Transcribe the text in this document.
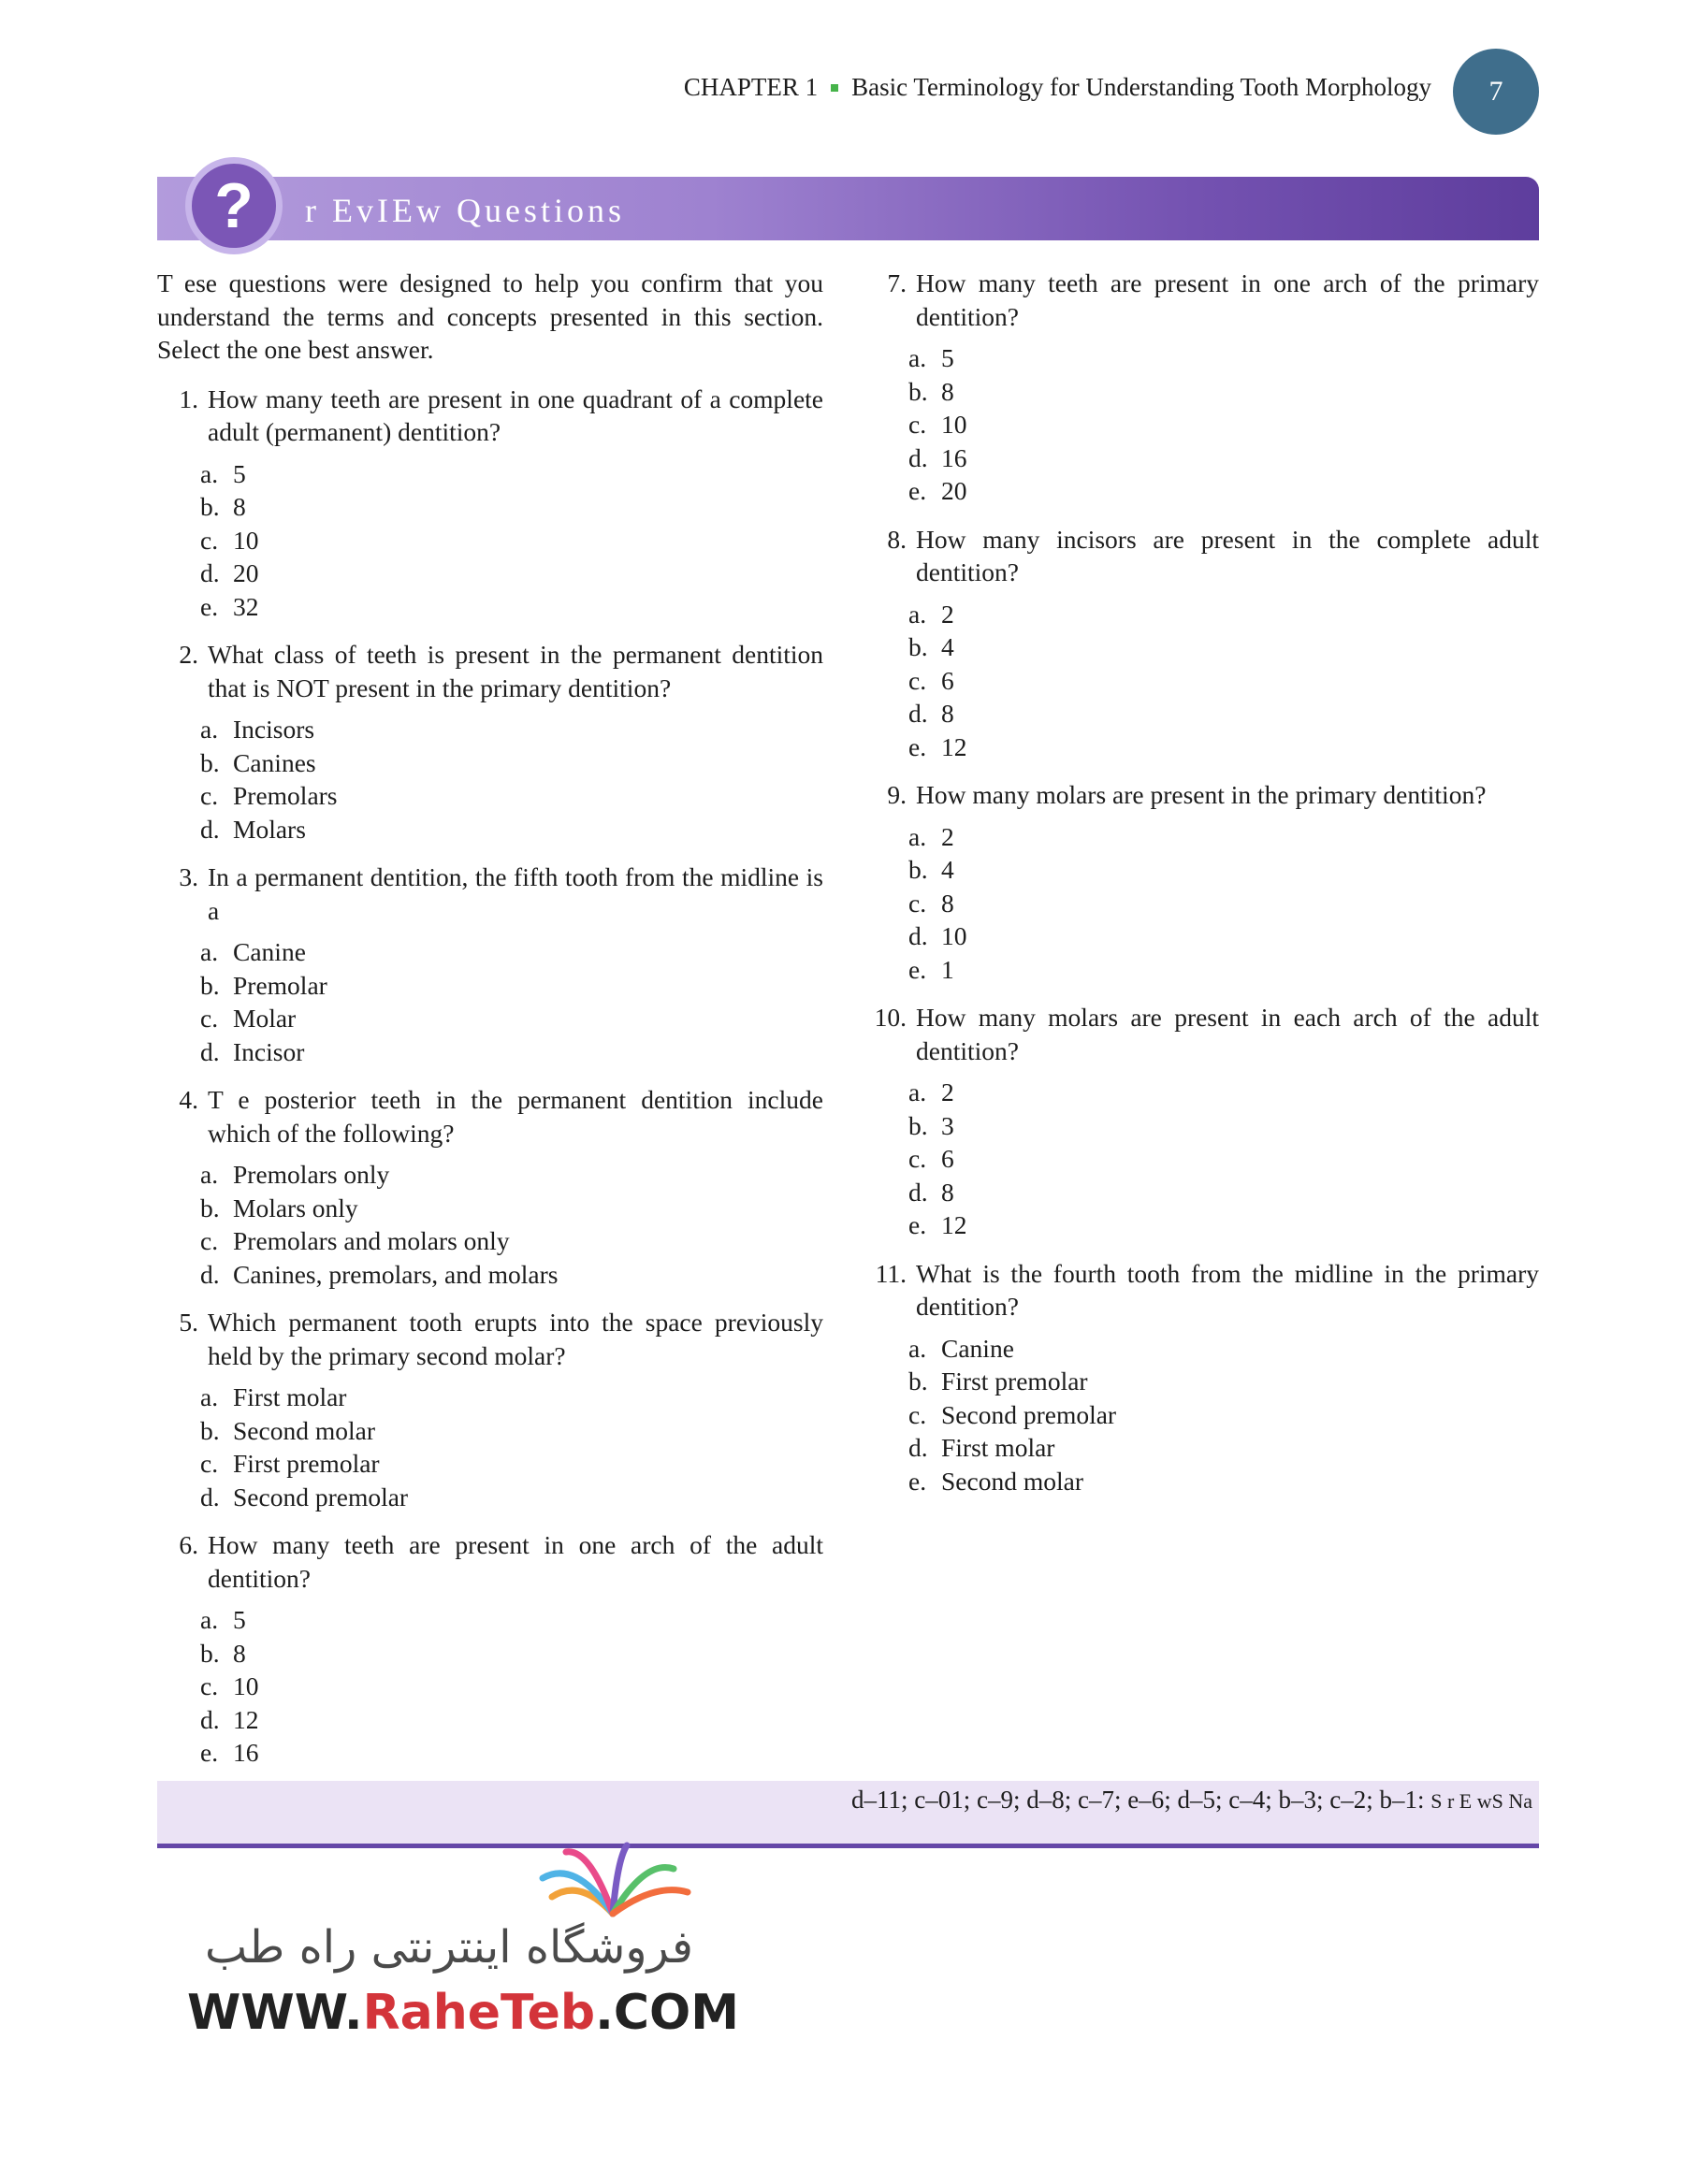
CHAPTER 1 Basic Terminology for Understanding Tooth Morphology 7
? r EvIEw Questions

T ese questions were designed to help you confirm that you understand the terms and concepts presented in this section. Select the one best answer.

1. How many teeth are present in one quadrant of a complete adult (permanent) dentition?
a. 5
b. 8
c. 10
d. 20
e. 32
2. What class of teeth is present in the permanent dentition that is NOT present in the primary dentition?
a. Incisors
b. Canines
c. Premolars
d. Molars
3. In a permanent dentition, the fifth tooth from the midline is a
a. Canine
b. Premolar
c. Molar
d. Incisor
4. T e posterior teeth in the permanent dentition include which of the following?
a. Premolars only
b. Molars only
c. Premolars and molars only
d. Canines, premolars, and molars
5. Which permanent tooth erupts into the space previously held by the primary second molar?
a. First molar
b. Second molar
c. First premolar
d. Second premolar
6. How many teeth are present in one arch of the adult dentition?
a. 5
b. 8
c. 10
d. 12
e. 16
7. How many teeth are present in one arch of the primary dentition?
a. 5
b. 8
c. 10
d. 16
e. 20
8. How many incisors are present in the complete adult dentition?
a. 2
b. 4
c. 6
d. 8
e. 12
9. How many molars are present in the primary dentition?
a. 2
b. 4
c. 8
d. 10
e. 1
10. How many molars are present in each arch of the adult dentition?
a. 2
b. 3
c. 6
d. 8
e. 12
11. What is the fourth tooth from the midline in the primary dentition?
a. Canine
b. First premolar
c. Second premolar
d. First molar
e. Second molar
d–11; c–01; c–9; d–8; c–7; e–6; d–5; c–4; b–3; c–2; b–1: S r E wS Na
فروشگاه اینترنتی راه طب
WWW.RaheTeb.COM
